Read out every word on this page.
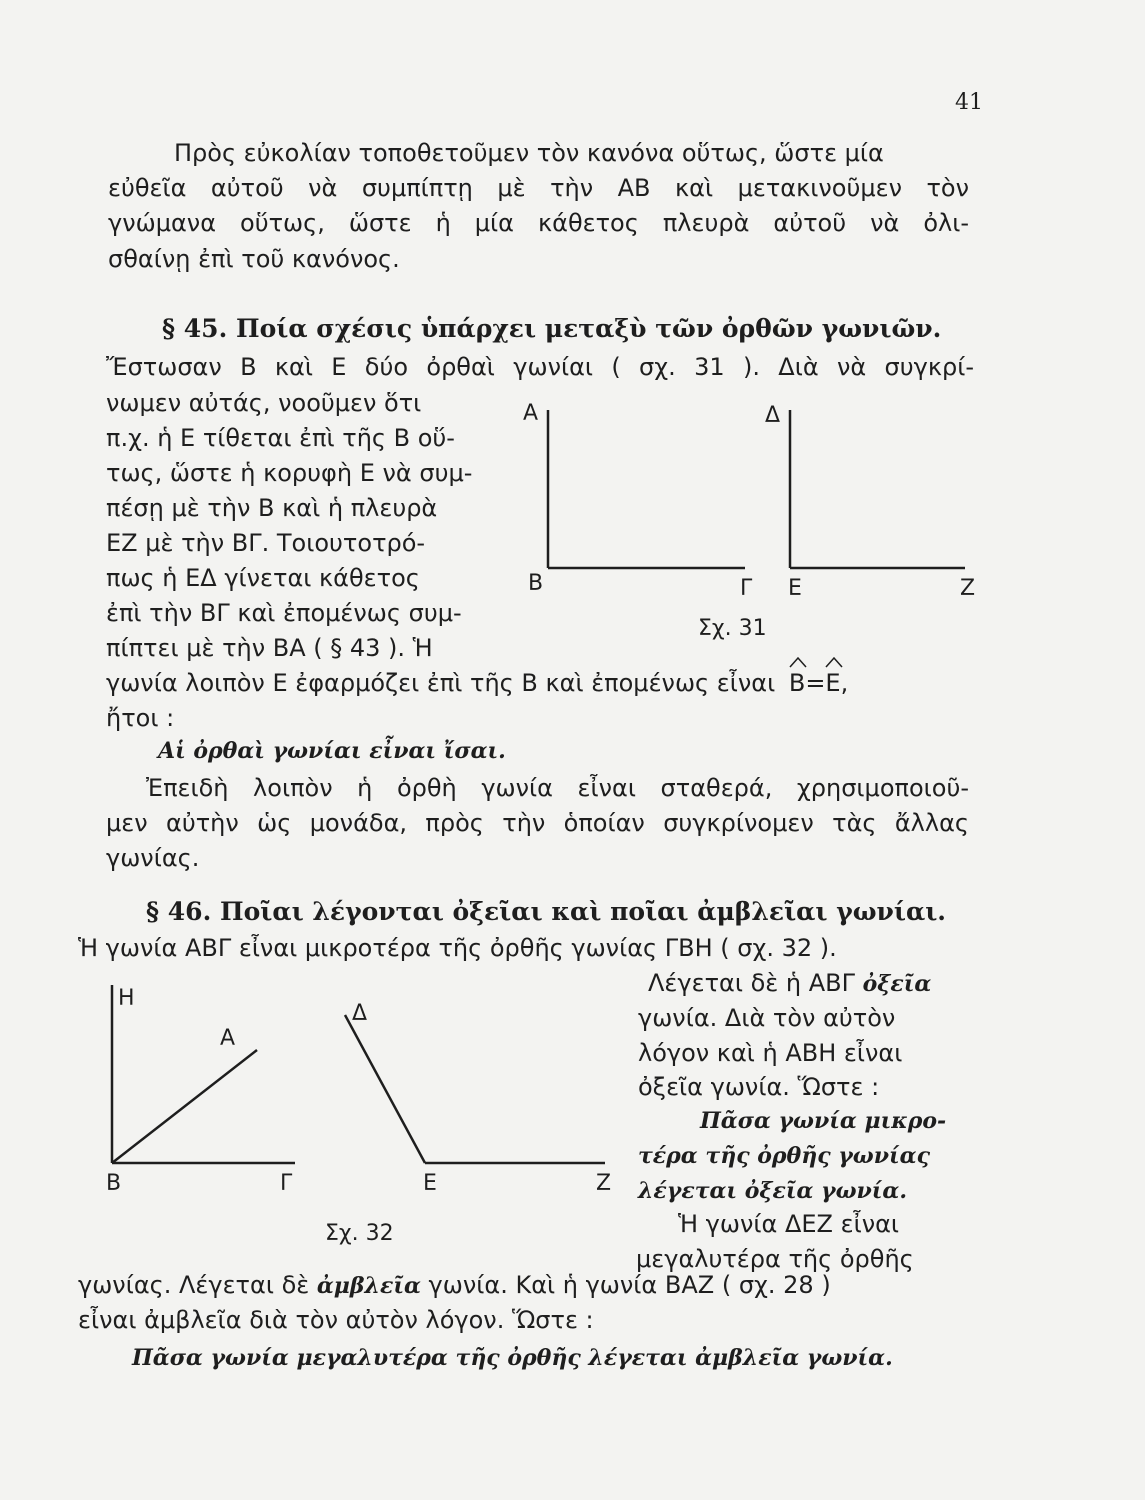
41
Πρὸς εὐκολίαν τοποθετοῦμεν τὸν κανόνα οὕτως, ὥστε μία
εὐθεῖα αὐτοῦ νὰ συμπίπτῃ μὲ τὴν ΑΒ καὶ μετακινοῦμεν τὸν
γνώμανα οὕτως, ὥστε ἡ μία κάθετος πλευρὰ αὐτοῦ νὰ ὀλι-
σθαίνῃ ἐπὶ τοῦ κανόνος.
§ 45. Ποία σχέσις ὑπάρχει μεταξὺ τῶν ὀρθῶν γωνιῶν.
Ἔστωσαν Β καὶ Ε δύο ὀρθαὶ γωνίαι ( σχ. 31 ). Διὰ νὰ συγκρί-
νωμεν αὐτάς, νοοῦμεν ὅτι
π.χ. ἡ Ε τίθεται ἐπὶ τῆς Β οὕ-
τως, ὥστε ἡ κορυφὴ Ε νὰ συμ-
πέσῃ μὲ τὴν Β καὶ ἡ πλευρὰ
ΕΖ μὲ τὴν ΒΓ. Τοιουτοτρό-
πως ἡ ΕΔ γίνεται κάθετος
ἐπὶ τὴν ΒΓ καὶ ἐπομένως συμ-
πίπτει μὲ τὴν ΒΑ ( § 43 ). Ἡ
Α
Β	Γ
Δ
Ε	Ζ
Σχ. 31
γωνία λοιπὸν Ε ἐφαρμόζει ἐπὶ τῆς Β καὶ ἐπομένως εἶναι Β=
Ε,
ἤτοι :
Αἱ ὀρθαὶ γωνίαι εἶναι ἴσαι.
Ἐπειδὴ λοιπὸν ἡ ὀρθὴ γωνία εἶναι σταθερά, χρησιμοποιοῦ-
μεν αὐτὴν ὡς μονάδα, πρὸς τὴν ὁποίαν συγκρίνομεν τὰς ἄλλας
γωνίας.
§ 46. Ποῖαι λέγονται ὀξεῖαι καὶ ποῖαι ἀμβλεῖαι γωνίαι.
Ἡ γωνία ΑΒΓ εἶναι μικροτέρα τῆς ὀρθῆς γωνίας ΓΒΗ ( σχ. 32 ).
Λέγεται δὲ ἡ ΑΒΓ ὀξεῖα
γωνία. Διὰ τὸν αὐτὸν
λόγον καὶ ἡ ΑΒΗ εἶναι
ὀξεῖα γωνία. Ὥστε :
Πᾶσα γωνία μικρο-
τέρα τῆς ὀρθῆς γωνίας
λέγεται ὀξεῖα γωνία.
Ἡ γωνία ΔΕΖ εἶναι
μεγαλυτέρα τῆς ὀρθῆς
Η
Α
Β	Γ
Δ
Ε	Ζ
Σχ. 32
γωνίας. Λέγεται δὲ ἀμβλεῖα γωνία. Καὶ ἡ γωνία ΒΑΖ ( σχ. 28 )
εἶναι ἀμβλεῖα διὰ τὸν αὐτὸν λόγον. Ὥστε :
Πᾶσα γωνία μεγαλυτέρα τῆς ὀρθῆς λέγεται ἀμβλεῖα γωνία.
